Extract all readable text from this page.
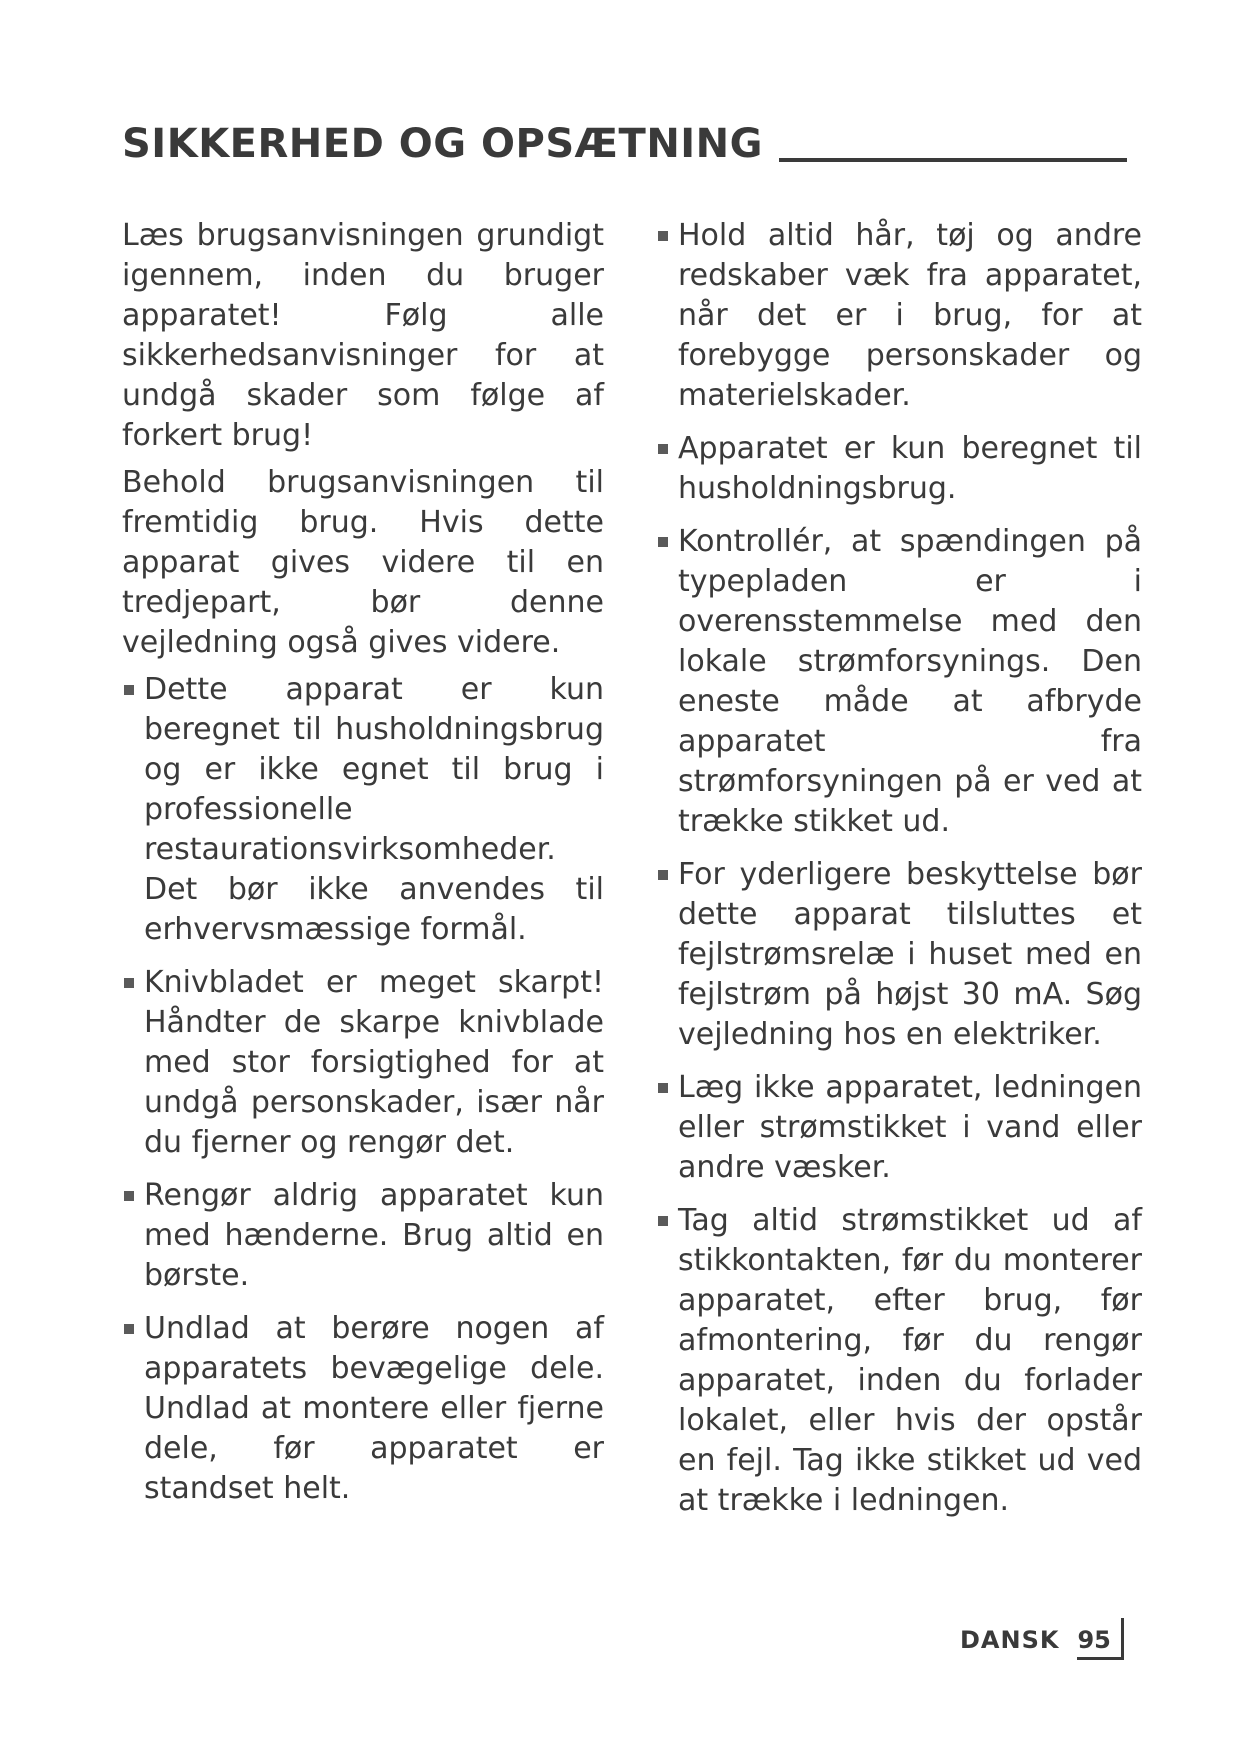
SIKKERHED OG OPSÆTNING

Læs brugsanvisningen grundigt igennem, inden du bruger apparatet! Følg alle sikkerhedsanvisninger for at undgå skader som følge af forkert brug!

Behold brugsanvisningen til fremtidig brug. Hvis dette apparat gives videre til en tredjepart, bør denne vejledning også gives videre.

Dette apparat er kun beregnet til husholdningsbrug og er ikke egnet til brug i professionelle restaurationsvirksomheder. Det bør ikke anvendes til erhvervsmæssige formål.
Knivbladet er meget skarpt! Håndter de skarpe knivblade med stor forsigtighed for at undgå personskader, især når du fjerner og rengør det.
Rengør aldrig apparatet kun med hænderne. Brug altid en børste.
Undlad at berøre nogen af apparatets bevægelige dele. Undlad at montere eller fjerne dele, før apparatet er standset helt.
Hold altid hår, tøj og andre redskaber væk fra apparatet, når det er i brug, for at forebygge personskader og materielskader.
Apparatet er kun beregnet til husholdningsbrug.
Kontrollér, at spændingen på typepladen er i overensstemmelse med den lokale strømforsynings. Den eneste måde at afbryde apparatet fra strømforsyningen på er ved at trække stikket ud.
For yderligere beskyttelse bør dette apparat tilsluttes et fejlstrømsrelæ i huset med en fejlstrøm på højst 30 mA. Søg vejledning hos en elektriker.
Læg ikke apparatet, ledningen eller strømstikket i vand eller andre væsker.
Tag altid strømstikket ud af stikkontakten, før du monterer apparatet, efter brug, før afmontering, før du rengør apparatet, inden du forlader lokalet, eller hvis der opstår en fejl. Tag ikke stikket ud ved at trække i ledningen.
DANSK 95
